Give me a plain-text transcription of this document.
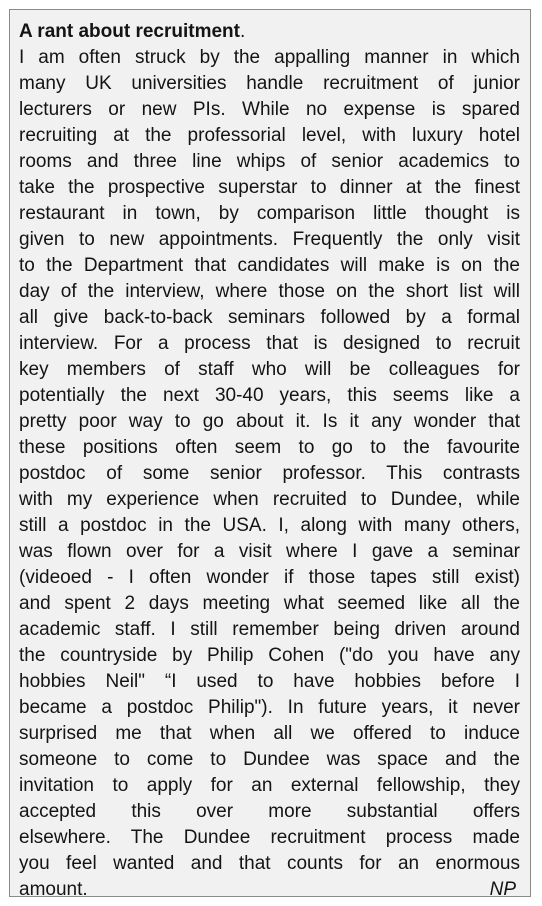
A rant about recruitment.
I am often struck by the appalling manner in which
many UK universities handle recruitment of junior
lecturers or new PIs. While no expense is spared
recruiting at the professorial level, with luxury hotel
rooms and three line whips of senior academics to
take the prospective superstar to dinner at the finest
restaurant in town, by comparison little thought is
given to new appointments. Frequently the only visit
to the Department that candidates will make is on the
day of the interview, where those on the short list will
all give back-to-back seminars followed by a formal
interview. For a process that is designed to recruit
key members of staff who will be colleagues for
potentially the next 30-40 years, this seems like a
pretty poor way to go about it. Is it any wonder that
these positions often seem to go to the favourite
postdoc of some senior professor. This contrasts
with my experience when recruited to Dundee, while
still a postdoc in the USA. I, along with many others,
was flown over for a visit where I gave a seminar
(videoed - I often wonder if those tapes still exist)
and spent 2 days meeting what seemed like all the
academic staff. I still remember being driven around
the countryside by Philip Cohen ("do you have any
hobbies Neil" “I used to have hobbies before I
became a postdoc Philip"). In future years, it never
surprised me that when all we offered to induce
someone to come to Dundee was space and the
invitation to apply for an external fellowship, they
accepted this over more substantial offers
elsewhere. The Dundee recruitment process made
you feel wanted and that counts for an enormous
amount.	NP
